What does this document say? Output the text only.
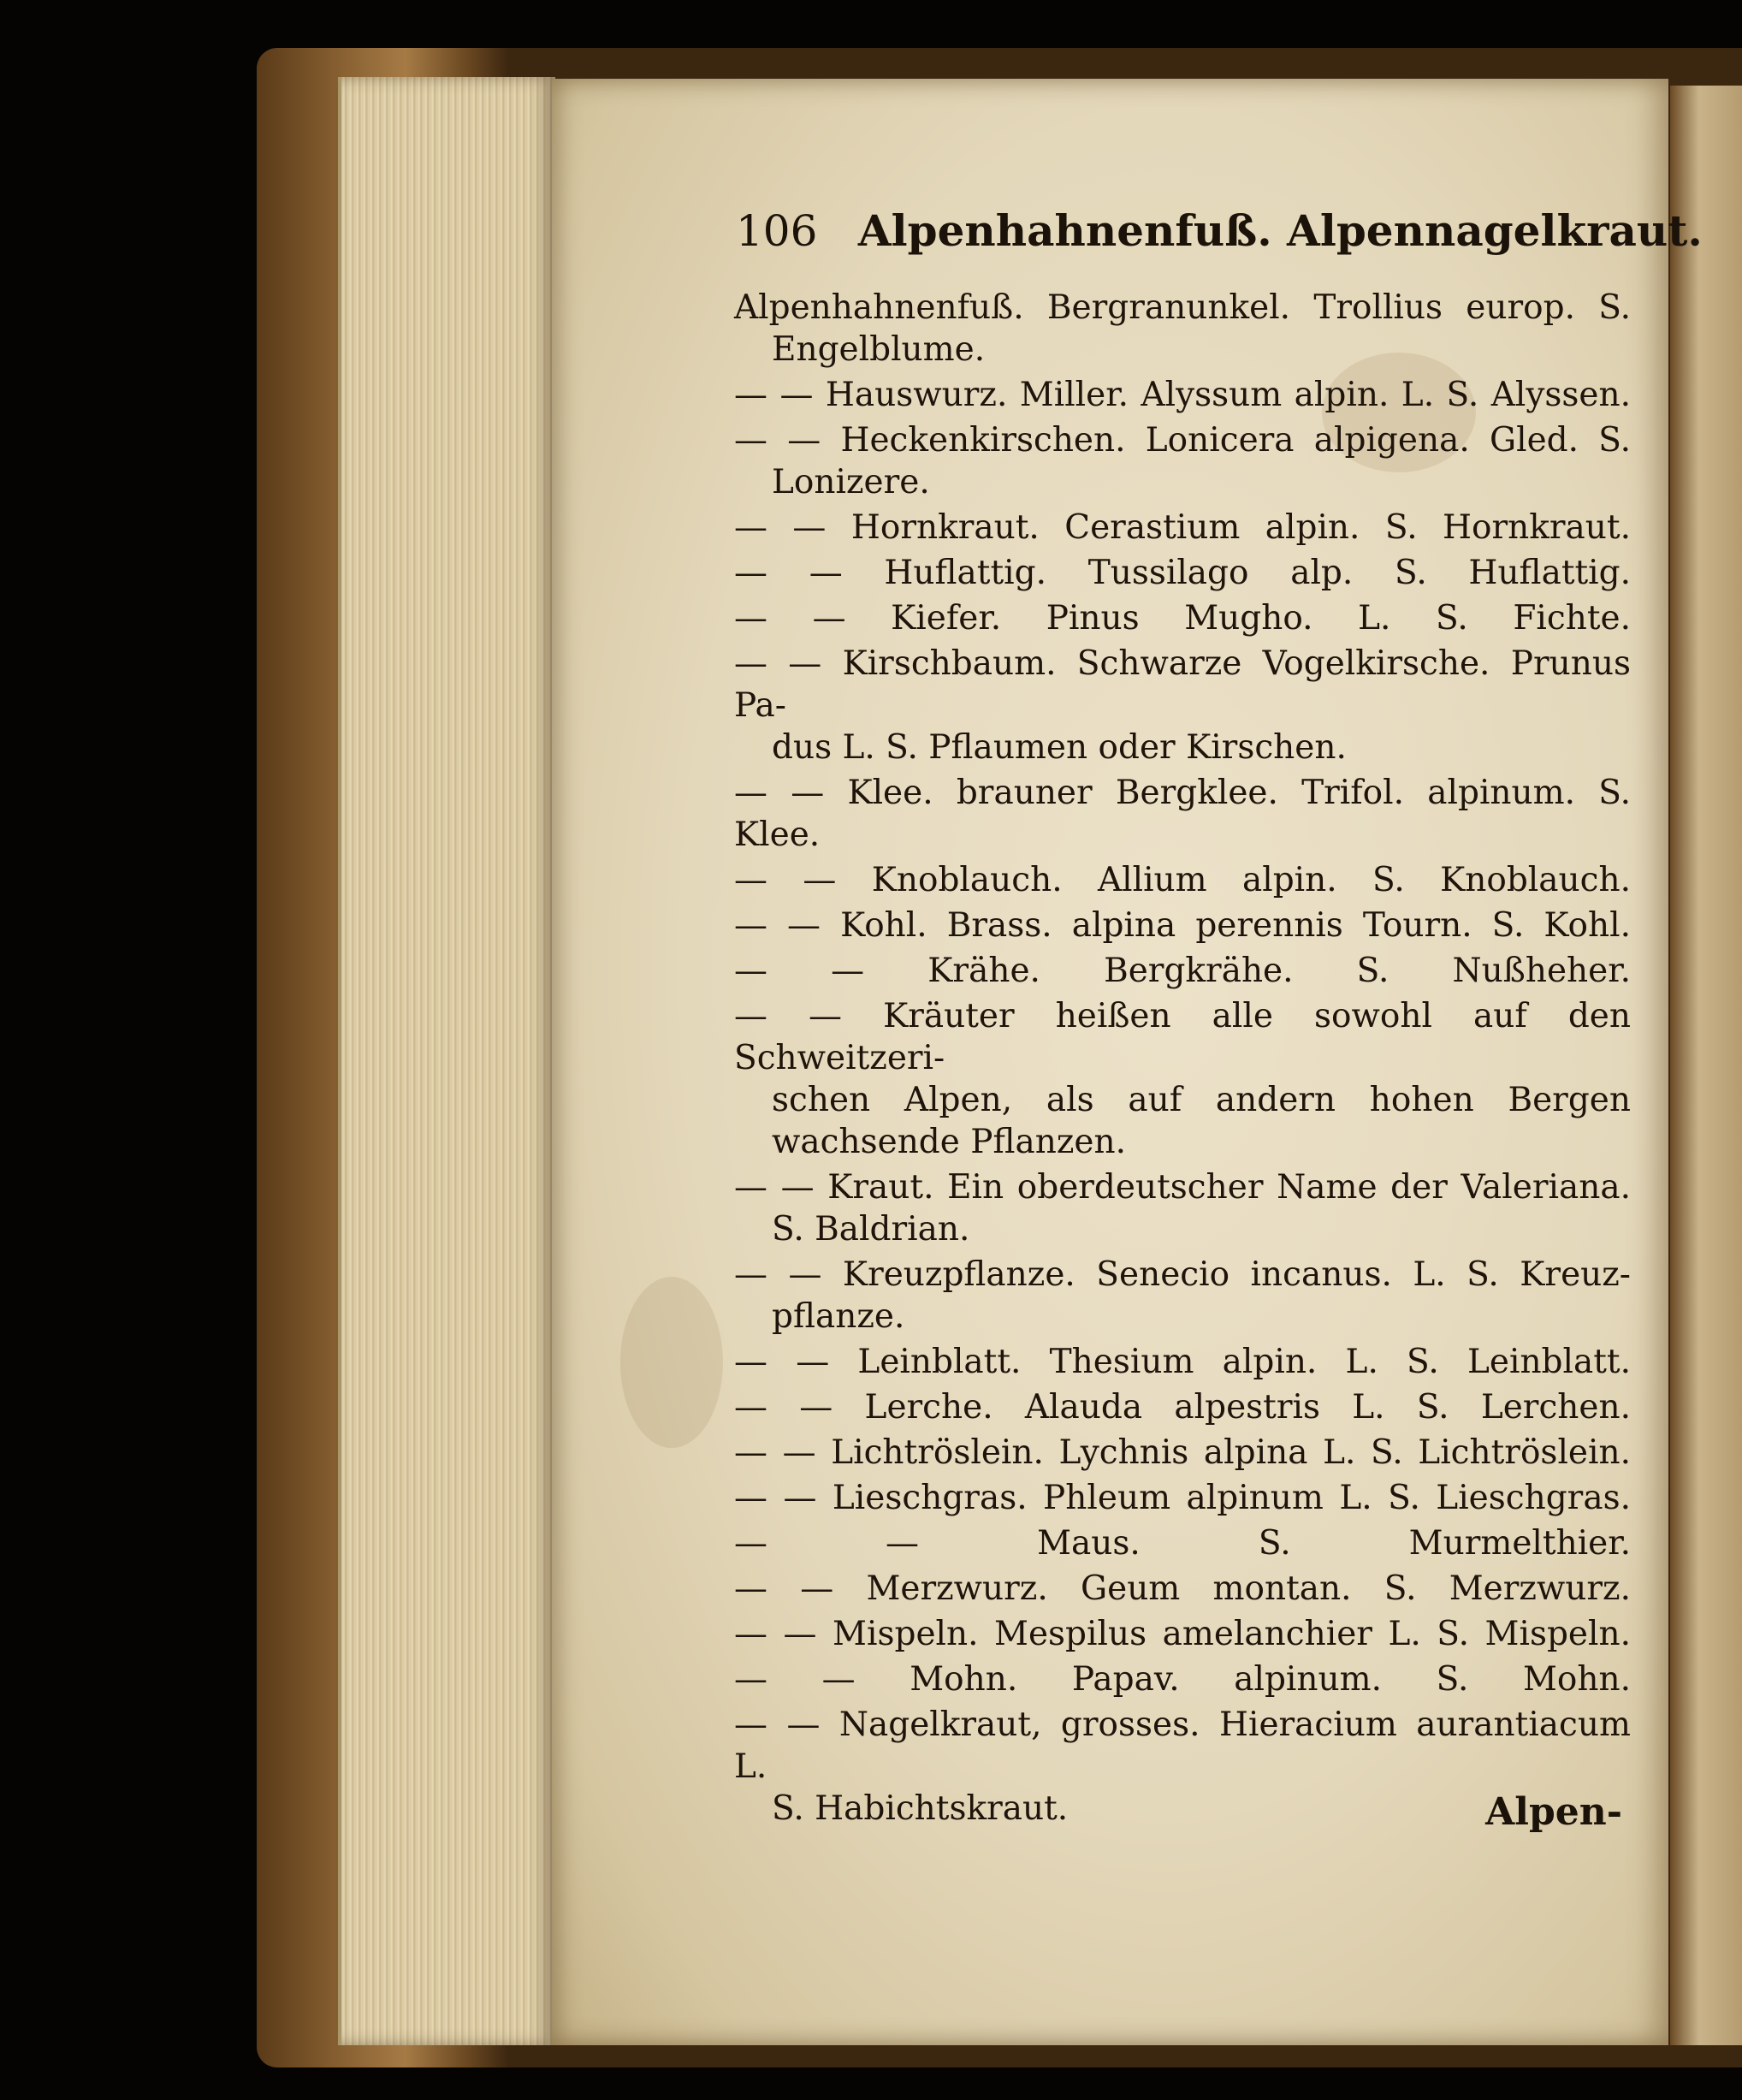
106 Alpenhahnenfuß. Alpennagelkraut.
Alpenhahnenfuß. Bergranunkel. Trollius europ. S.
Engelblume.
— — Hauswurz. Miller. Alyssum alpin. L. S. Alyssen.
— — Heckenkirschen. Lonicera alpigena. Gled. S.
Lonizere.
— — Hornkraut. Cerastium alpin. S. Hornkraut.
— — Huflattig. Tussilago alp. S. Huflattig.
— — Kiefer. Pinus Mugho. L. S. Fichte.
— — Kirschbaum. Schwarze Vogelkirsche. Prunus Pa-
dus L. S. Pflaumen oder Kirschen.
— — Klee. brauner Bergklee. Trifol. alpinum. S. Klee.
— — Knoblauch. Allium alpin. S. Knoblauch.
— — Kohl. Brass. alpina perennis Tourn. S. Kohl.
— — Krähe. Bergkrähe. S. Nußheher.
— — Kräuter heißen alle sowohl auf den Schweitzeri-
schen Alpen, als auf andern hohen Bergen wachsende Pflanzen.
— — Kraut. Ein oberdeutscher Name der Valeriana.
S. Baldrian.
— — Kreuzpflanze. Senecio incanus. L. S. Kreuz-
pflanze.
— — Leinblatt. Thesium alpin. L. S. Leinblatt.
— — Lerche. Alauda alpestris L. S. Lerchen.
— — Lichtröslein. Lychnis alpina L. S. Lichtröslein.
— — Lieschgras. Phleum alpinum L. S. Lieschgras.
— — Maus. S. Murmelthier.
— — Merzwurz. Geum montan. S. Merzwurz.
— — Mispeln. Mespilus amelanchier L. S. Mispeln.
— — Mohn. Papav. alpinum. S. Mohn.
— — Nagelkraut, grosses. Hieracium aurantiacum L.
S. Habichtskraut.	Alpen-
